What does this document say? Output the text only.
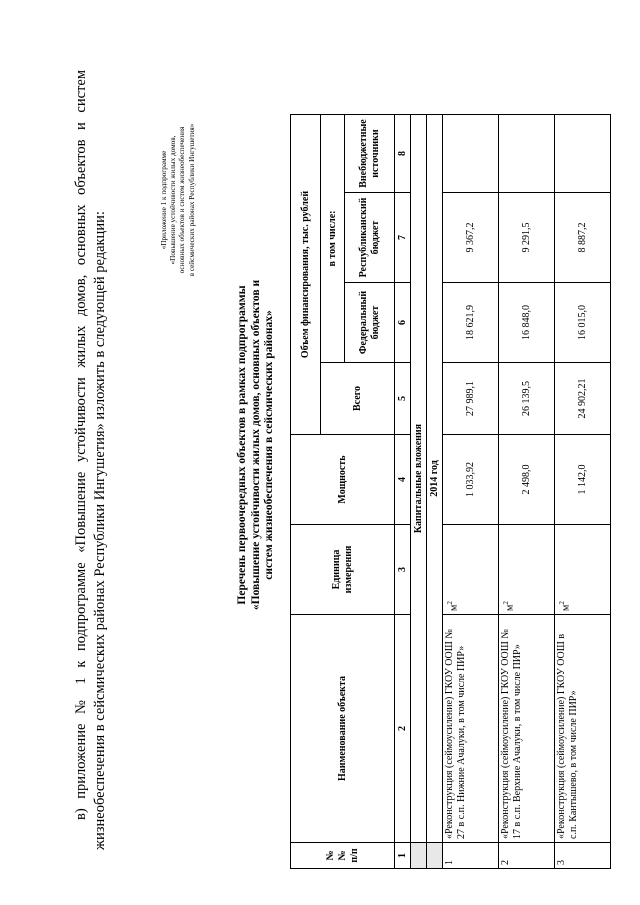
в) приложение № 1 к подпрограмме «Повышение устойчивости жилых домов, основных объектов и систем жизнеобеспечения в сейсмических районах Республики Ингушетия» изложить в следующей редакции:
«Приложение 1 к подпрограмме «Повышение устойчивости жилых домов, основных объектов и систем жизнеобеспечения в сейсмических районах Республики Ингушетия»
Перечень первоочередных объектов в рамках подпрограммы «Повышение устойчивости жилых домов, основных объектов и систем жизнеобеспечения в сейсмических районах»
№№ п/п	Наименование объекта	Единица измерения	Мощность	Объем финансирования, тыс. рублей			
				Всего	в том числе:		
					Федеральный бюджет	Республиканский бюджет	Внебюджетные источники
1	2	3	4	5	6	7	8
	Капитальные вложения						
	2014 год						
1	«Реконструкция (сеймоусиление) ГКОУ ООШ № 27 в с.п. Нижние Ачалуки, в том числе ПИР»	$м^2$	1 033,92	27 989,1	18 621,9	9 367,2	
2	«Реконструкция (сеймоусиление) ГКОУ ООШ № 17 в с.п. Верхние Ачалуки, в том числе ПИР»	$м^2$	2 498,0	26 139,5	16 848,0	9 291,5	
3	«Реконструкция (сеймоусиление) ГКОУ ООШ в с.п. Кантышево, в том числе ПИР»	$м^2$	1 142,0	24 902,21	16 015,0	8 887,2	
